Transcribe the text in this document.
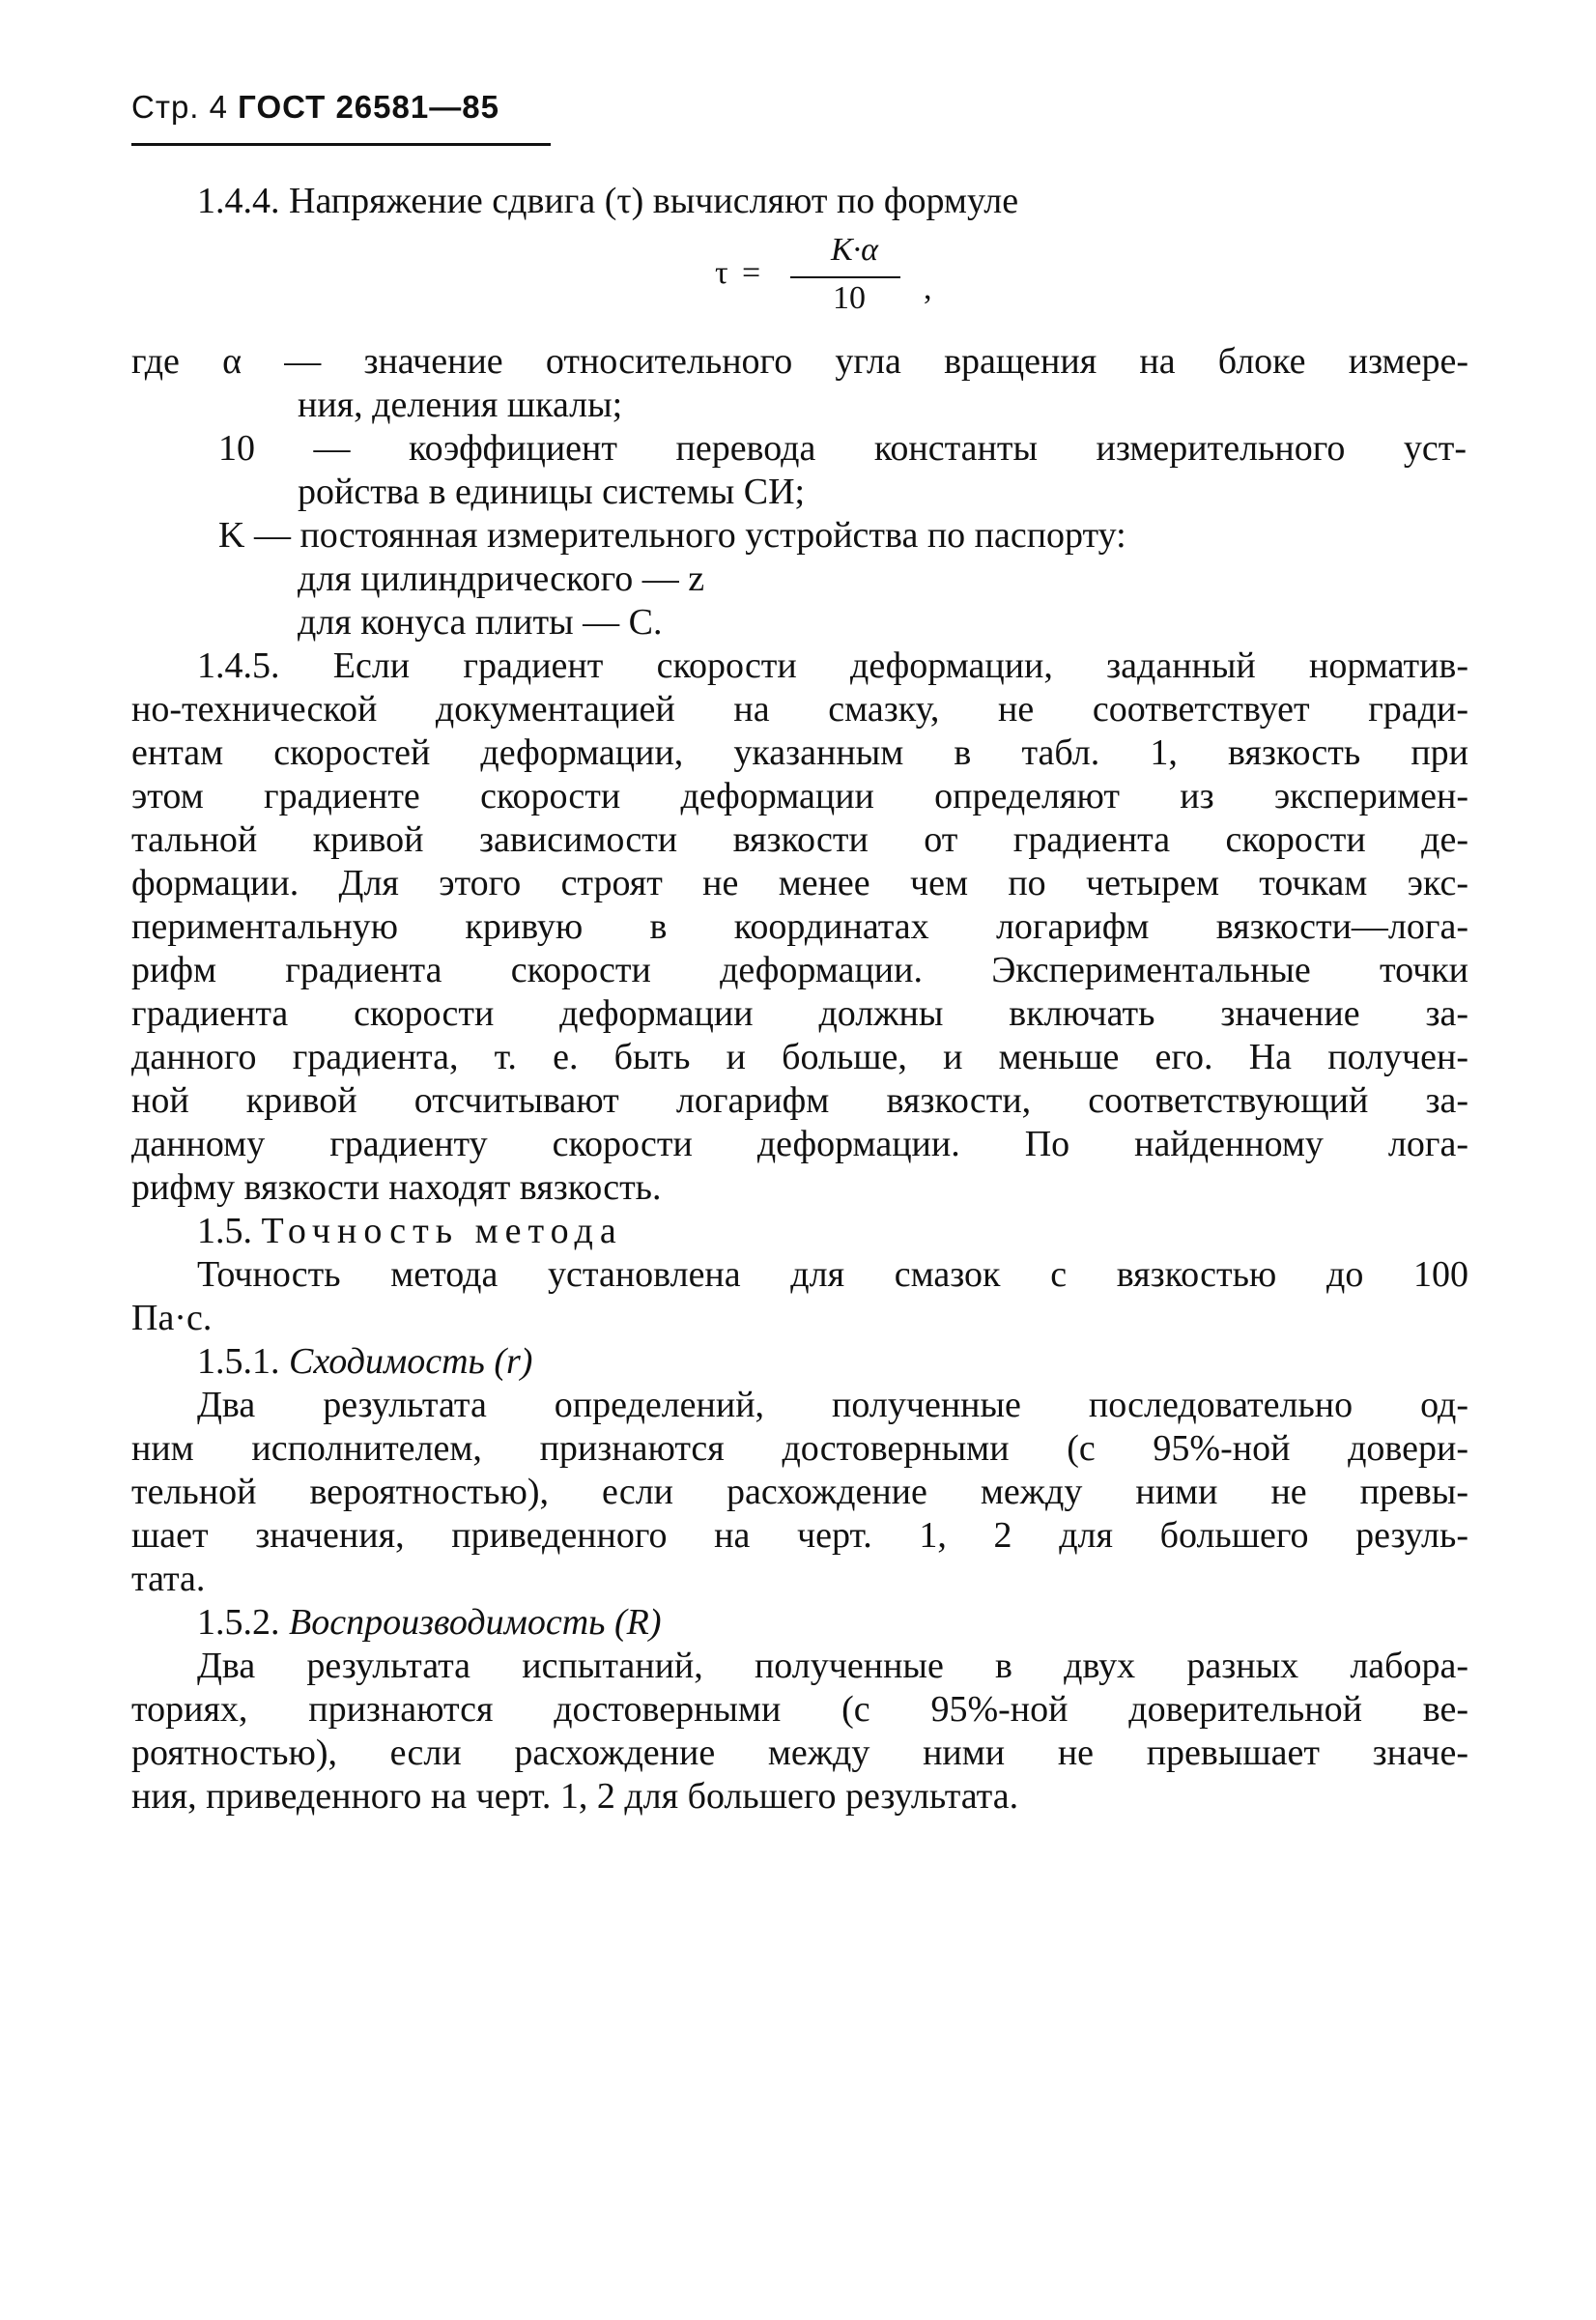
Стр. 4 ГОСТ 26581—85
1.4.4. Напряжение сдвига (τ) вычисляют по формуле
τ =
K·α
10 ,
где α — значение относительного угла вращения на блоке измере-
ния, деления шкалы;
10 — коэффициент перевода константы измерительного уст-
ройства в единицы системы СИ;
K — постоянная измерительного устройства по паспорту:
для цилиндрического — z
для конуса плиты — C.
1.4.5. Если градиент скорости деформации, заданный норматив-
но-технической документацией на смазку, не соответствует гради-
ентам скоростей деформации, указанным в табл. 1, вязкость при
этом градиенте скорости деформации определяют из эксперимен-
тальной кривой зависимости вязкости от градиента скорости де-
формации. Для этого строят не менее чем по четырем точкам экс-
периментальную кривую в координатах логарифм вязкости—лога-
рифм градиента скорости деформации. Экспериментальные точки
градиента скорости деформации должны включать значение за-
данного градиента, т. е. быть и больше, и меньше его. На получен-
ной кривой отсчитывают логарифм вязкости, соответствующий за-
данному градиенту скорости деформации. По найденному лога-
рифму вязкости находят вязкость.
1.5. Точность метода
Точность метода установлена для смазок с вязкостью до 100
Па·с.
1.5.1. Сходимость (r)
Два результата определений, полученные последовательно од-
ним исполнителем, признаются достоверными (с 95%-ной довери-
тельной вероятностью), если расхождение между ними не превы-
шает значения, приведенного на черт. 1, 2 для большего резуль-
тата.
1.5.2. Воспроизводимость (R)
Два результата испытаний, полученные в двух разных лабора-
ториях, признаются достоверными (с 95%-ной доверительной ве-
роятностью), если расхождение между ними не превышает значе-
ния, приведенного на черт. 1, 2 для большего результата.
